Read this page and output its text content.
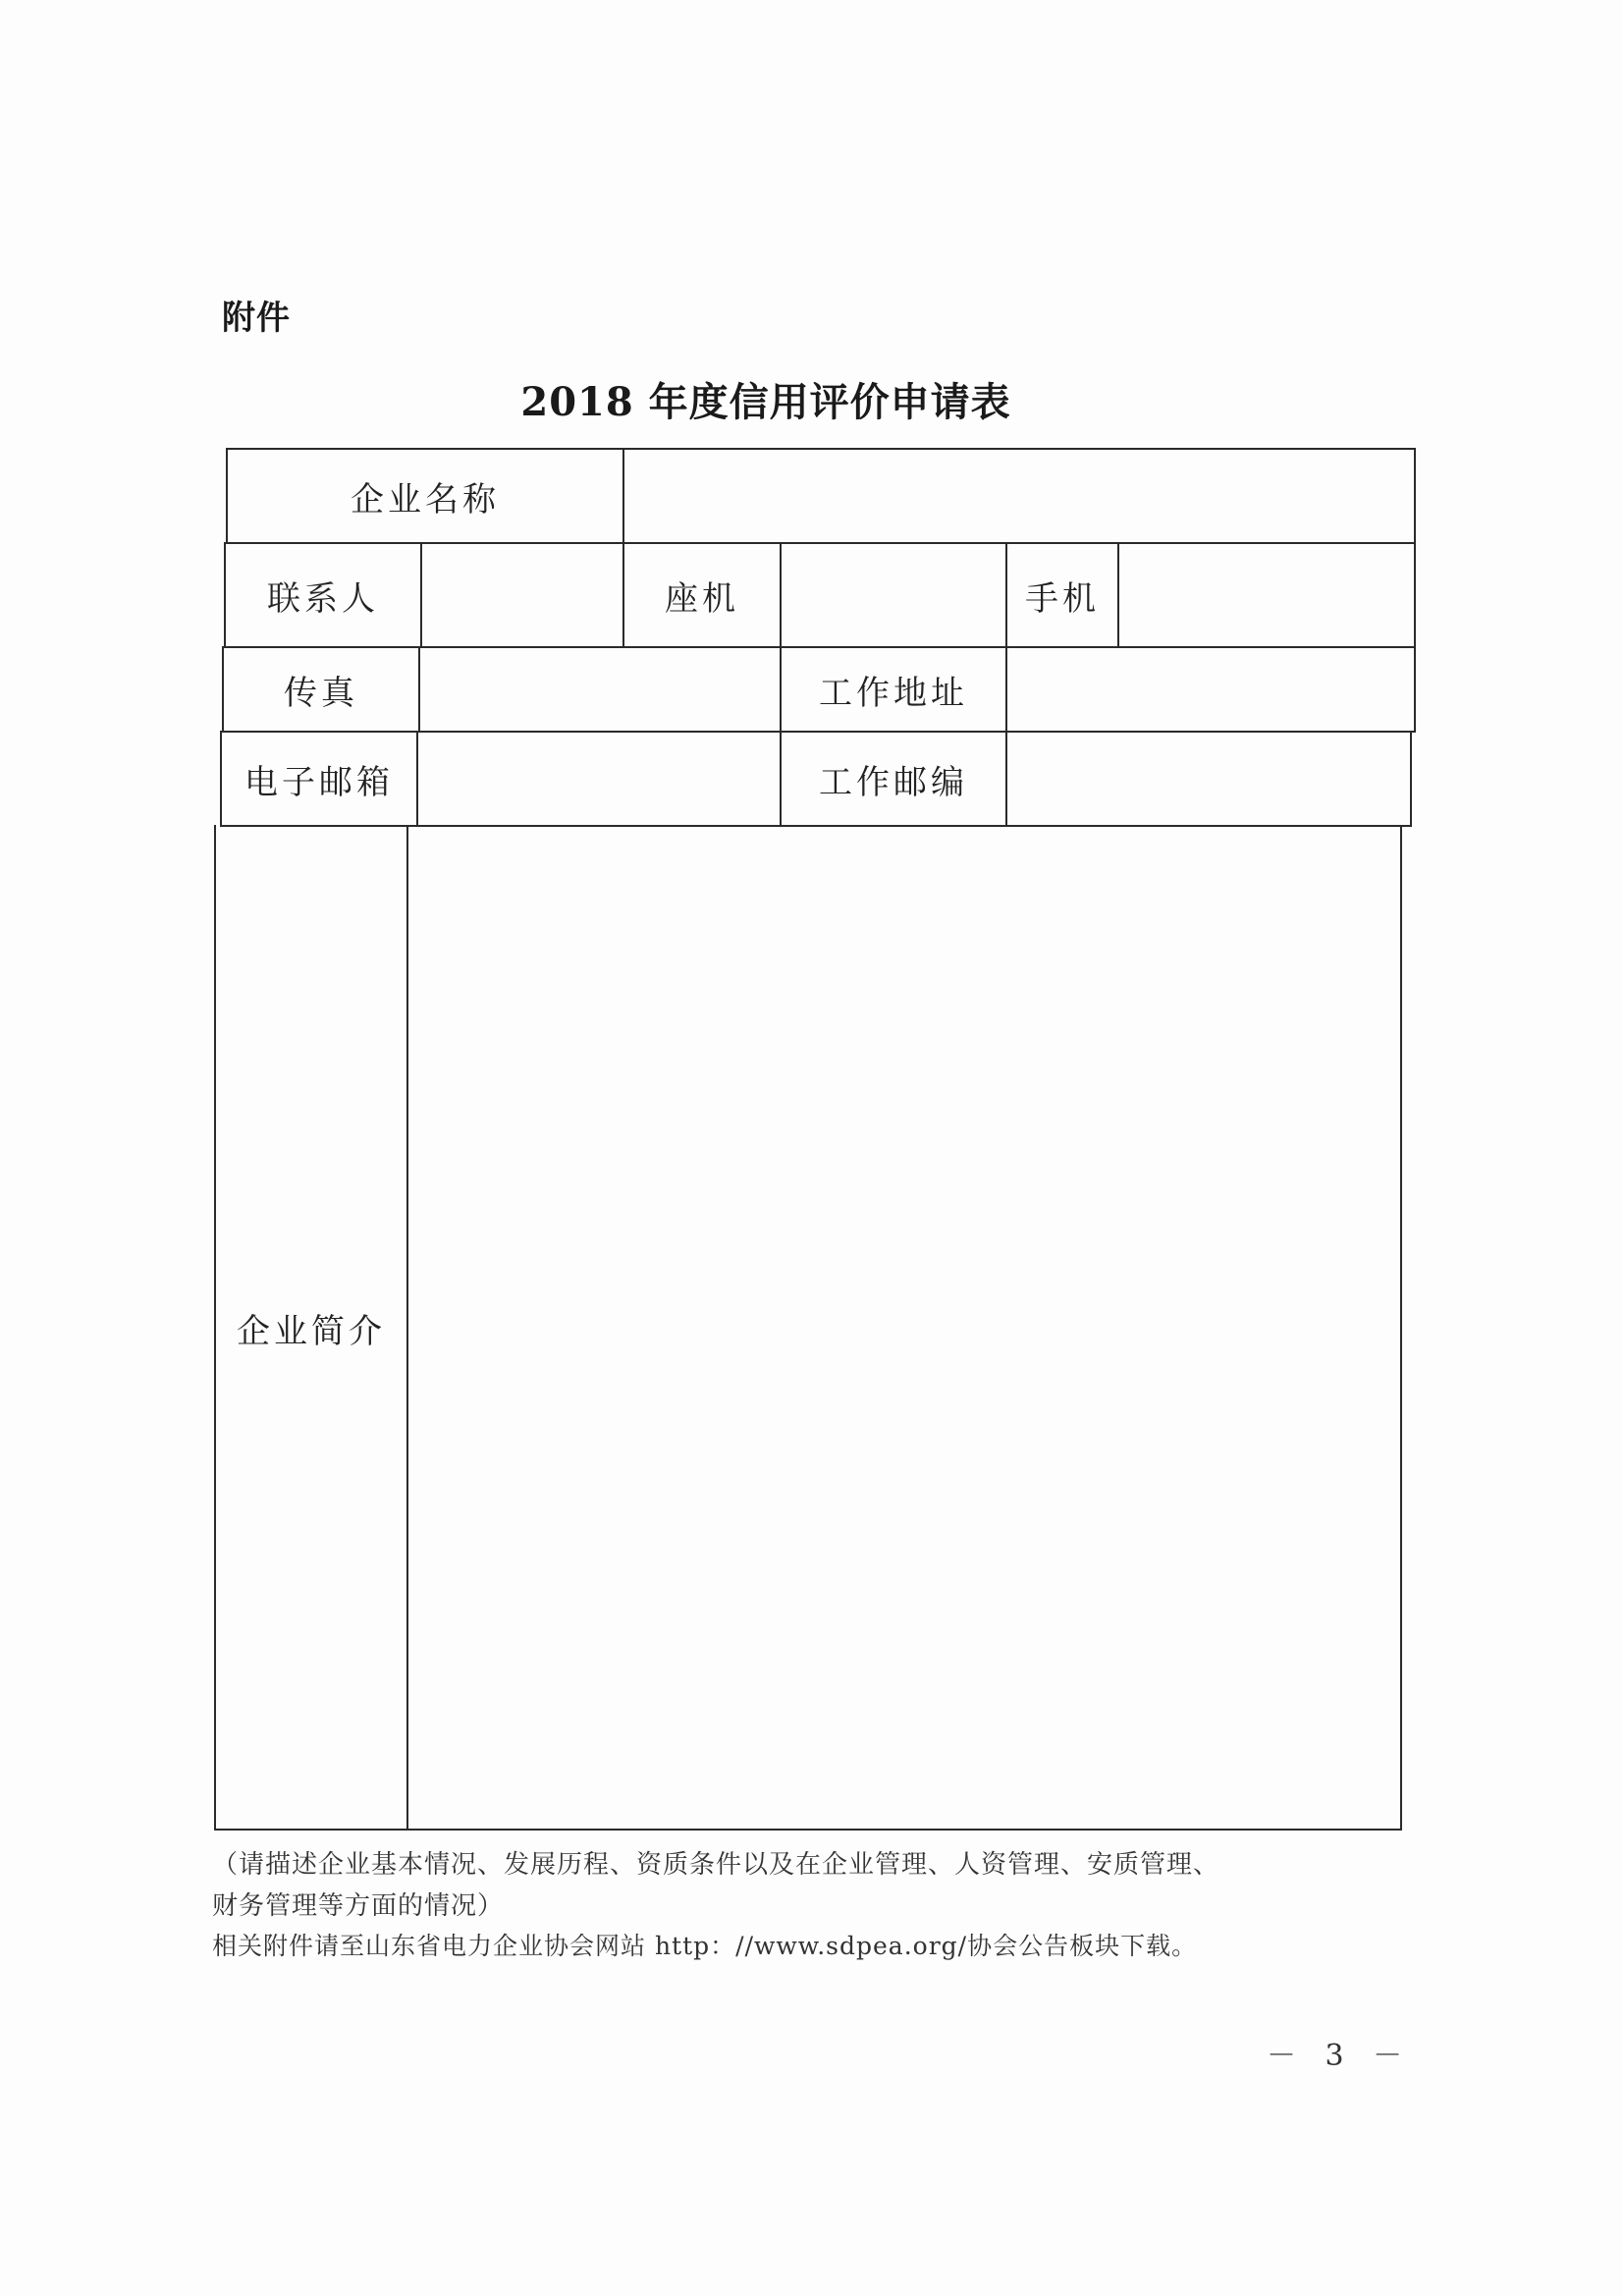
附件
2018 年度信用评价申请表
企业名称
联系人	座机	手机
传真	工作地址
电子邮箱	工作邮编
企业简介
（请描述企业基本情况、发展历程、资质条件以及在企业管理、人资管理、安质管理、
财务管理等方面的情况）
相关附件请至山东省电力企业协会网站 http：//www.sdpea.org/协会公告板块下载。
－ 3 －
